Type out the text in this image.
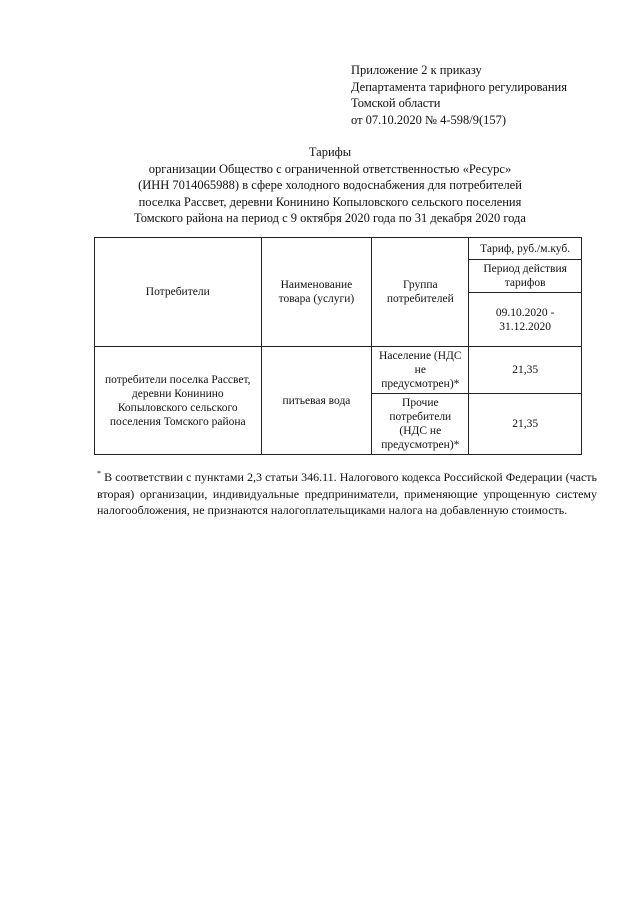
Приложение 2 к приказу
Департамента тарифного регулирования
Томской области
от 07.10.2020 № 4-598/9(157)
Тарифы
организации Общество с ограниченной ответственностью «Ресурс»
(ИНН 7014065988) в сфере холодного водоснабжения для потребителей
поселка Рассвет, деревни Конинино Копыловского сельского поселения
Томского района на период с 9 октября 2020 года по 31 декабря 2020 года
Потребители	Наименование товара (услуги)	Группа потребителей	Тариф, руб./м.куб.
			Период действия тарифов
			09.10.2020 - 31.12.2020
потребители поселка Рассвет, деревни Конинино Копыловского сельского поселения Томского района	питьевая вода	Население (НДС не предусмотрен)*	21,35
		Прочие потребители (НДС не предусмотрен)*	21,35
* В соответствии с пунктами 2,3 статьи 346.11. Налогового кодекса Российской Федерации (часть вторая) организации, индивидуальные предприниматели, применяющие упрощенную систему налогообложения, не признаются налогоплательщиками налога на добавленную стоимость.
